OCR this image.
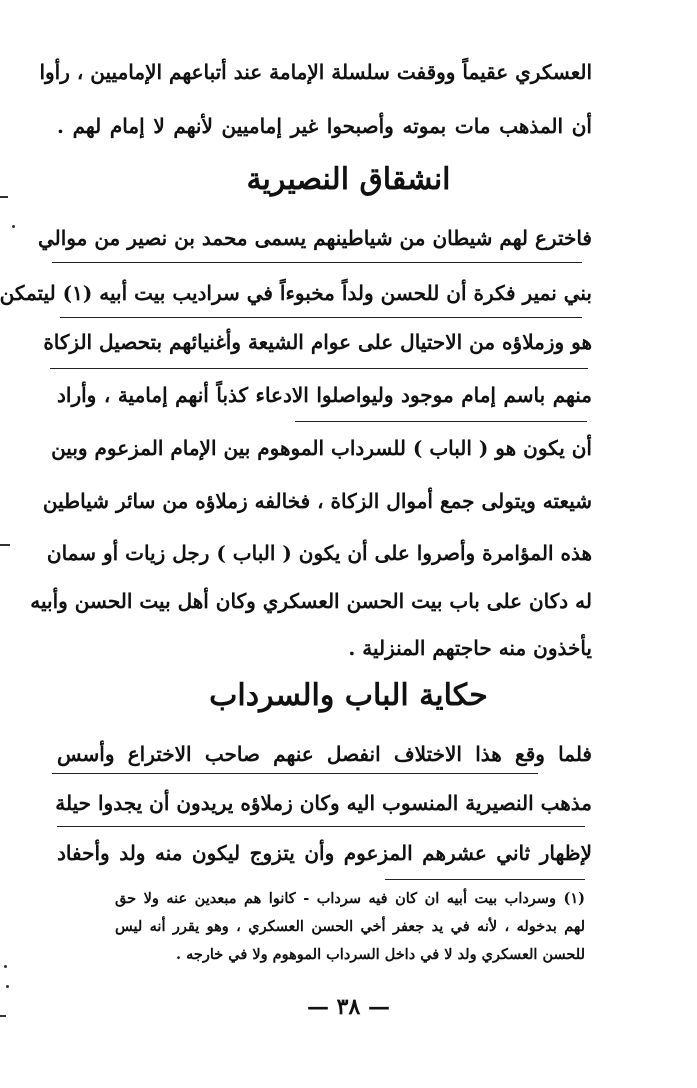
العسكري عقيماً ووقفت سلسلة الإمامة عند أتباعهم الإماميين ، رأوا
أن المذهب مات بموته وأصبحوا غير إماميين لأنهم لا إمام لهم .
انشقاق النصيرية
فاخترع لهم شيطان من شياطينهم يسمى محمد بن نصير من موالي
بني نمير فكرة أن للحسن ولداً مخبوءاً في سراديب بيت أبيه (١) ليتمكن
هو وزملاؤه من الاحتيال على عوام الشيعة وأغنيائهم بتحصيل الزكاة
منهم باسم إمام موجود وليواصلوا الادعاء كذباً أنهم إمامية ، وأراد
أن يكون هو ( الباب ) للسرداب الموهوم بين الإمام المزعوم وبين
شيعته ويتولى جمع أموال الزكاة ، فخالفه زملاؤه من سائر شياطين
هذه المؤامرة وأصروا على أن يكون ( الباب ) رجل زيات أو سمان
له دكان على باب بيت الحسن العسكري وكان أهل بيت الحسن وأبيه
يأخذون منه حاجتهم المنزلية .
حكاية الباب والسرداب
فلما وقع هذا الاختلاف انفصل عنهم صاحب الاختراع وأسس
مذهب النصيرية المنسوب اليه وكان زملاؤه يريدون أن يجدوا حيلة
لإظهار ثاني عشرهم المزعوم وأن يتزوج ليكون منه ولد وأحفاد
(١) وسرداب بيت أبيه ان كان فيه سرداب - كانوا هم مبعدين عنه ولا حق
لهم بدخوله ، لأنه في يد جعفر أخي الحسن العسكري ، وهو يقرر أنه ليس
للحسن العسكري ولد لا في داخل السرداب الموهوم ولا في خارجه .
— ٣٨ —
